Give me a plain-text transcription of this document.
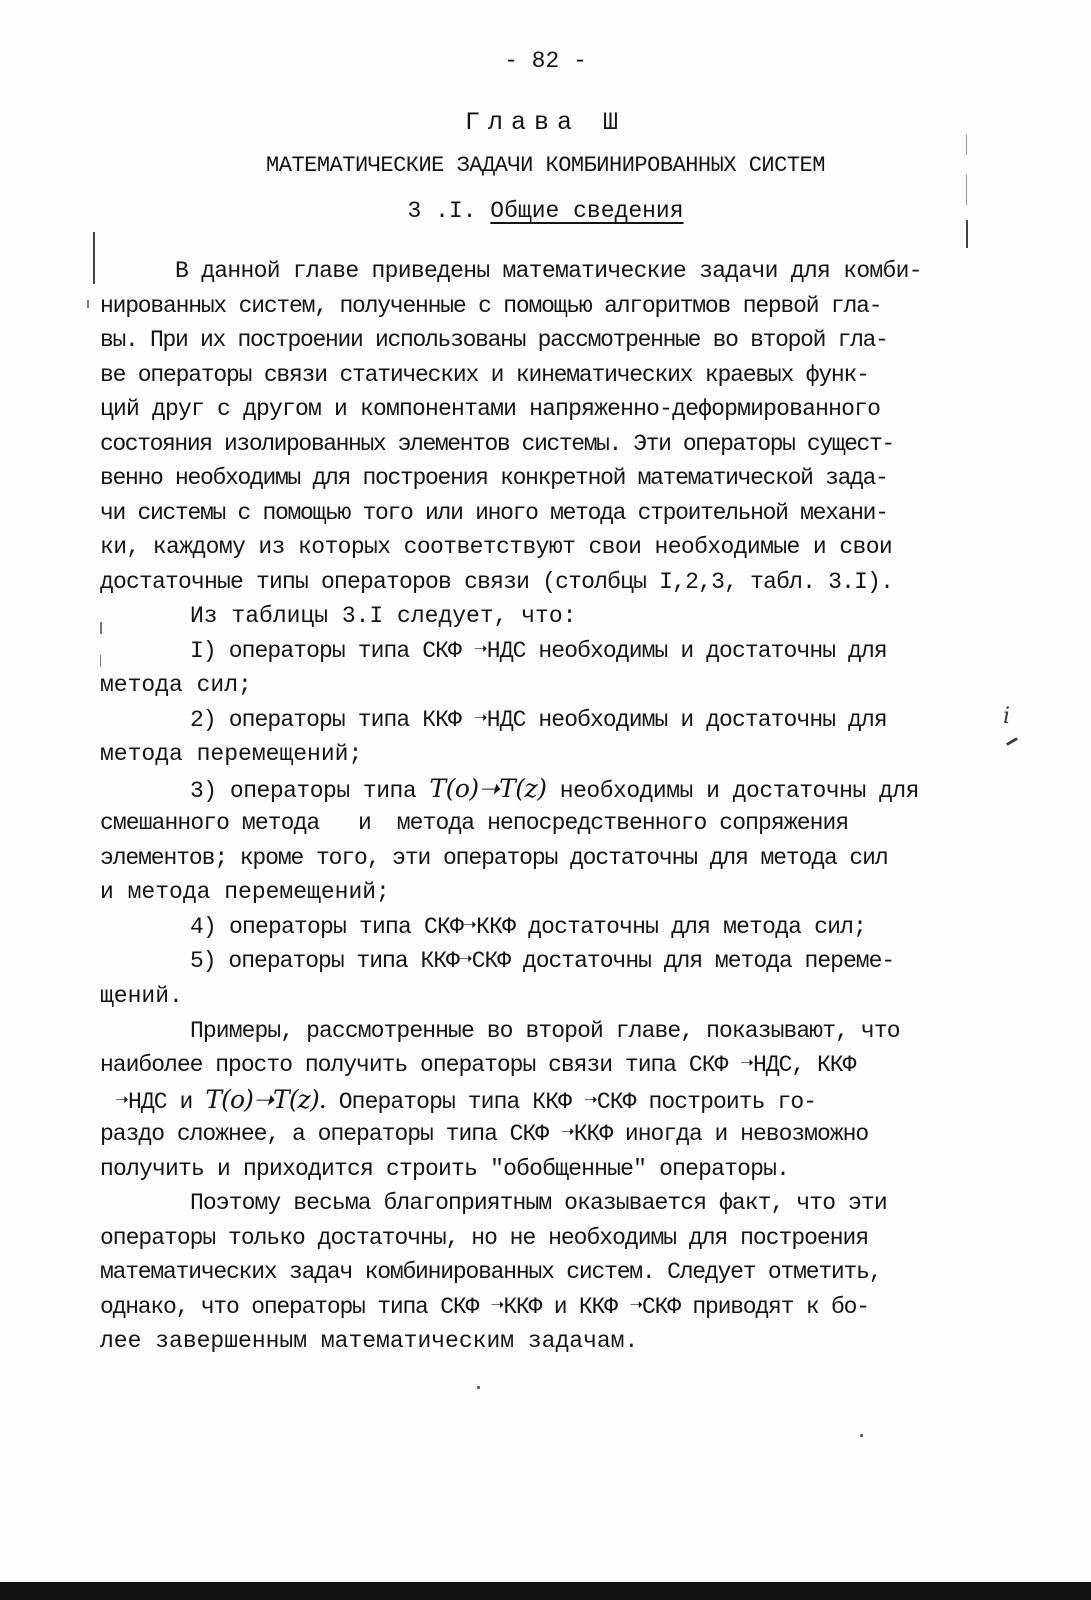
- 82 -
Глава Ш
МАТЕМАТИЧЕСКИЕ ЗАДАЧИ КОМБИНИРОВАННЫХ СИСТЕМ
3 .I. Общие сведения
В данной главе приведены математические задачи для комби-
нированных систем, полученные с помощью алгоритмов первой гла-
вы. При их построении использованы рассмотренные во второй гла-
ве операторы связи статических и кинематических краевых функ-
ций друг с другом и компонентами напряженно-деформированного
состояния изолированных элементов системы. Эти операторы сущест-
венно необходимы для построения конкретной математической зада-
чи системы с помощью того или иного метода строительной механи-
ки, каждому из которых соответствуют свои необходимые и свои
достаточные типы операторов связи (столбцы I,2,3, табл. 3.I).
Из таблицы 3.I следует, что:
I) операторы типа СКФ ➝НДС необходимы и достаточны для
метода сил;
2) операторы типа ККФ ➝НДС необходимы и достаточны для
метода перемещений;
3) операторы типа T(o)➝T(z) необходимы и достаточны для
смешанного метода   и  метода непосредственного сопряжения
элементов; кроме того, эти операторы достаточны для метода сил
и метода перемещений;
4) операторы типа СКФ➝ККФ достаточны для метода сил;
5) операторы типа ККФ➝СКФ достаточны для метода переме-
щений.
Примеры, рассмотренные во второй главе, показывают, что
наиболее просто получить операторы связи типа СКФ ➝НДС, ККФ
➝НДС и T(o)➝T(z). Операторы типа ККФ ➝СКФ построить го-
раздо сложнее, а операторы типа СКФ ➝ККФ иногда и невозможно
получить и приходится строить "обобщенные" операторы.
Поэтому весьма благоприятным оказывается факт, что эти
операторы только достаточны, но не необходимы для построения
математических задач комбинированных систем. Следует отметить,
однако, что операторы типа СКФ ➝ККФ и ККФ ➝СКФ приводят к бо-
лее завершенным математическим задачам.
i
